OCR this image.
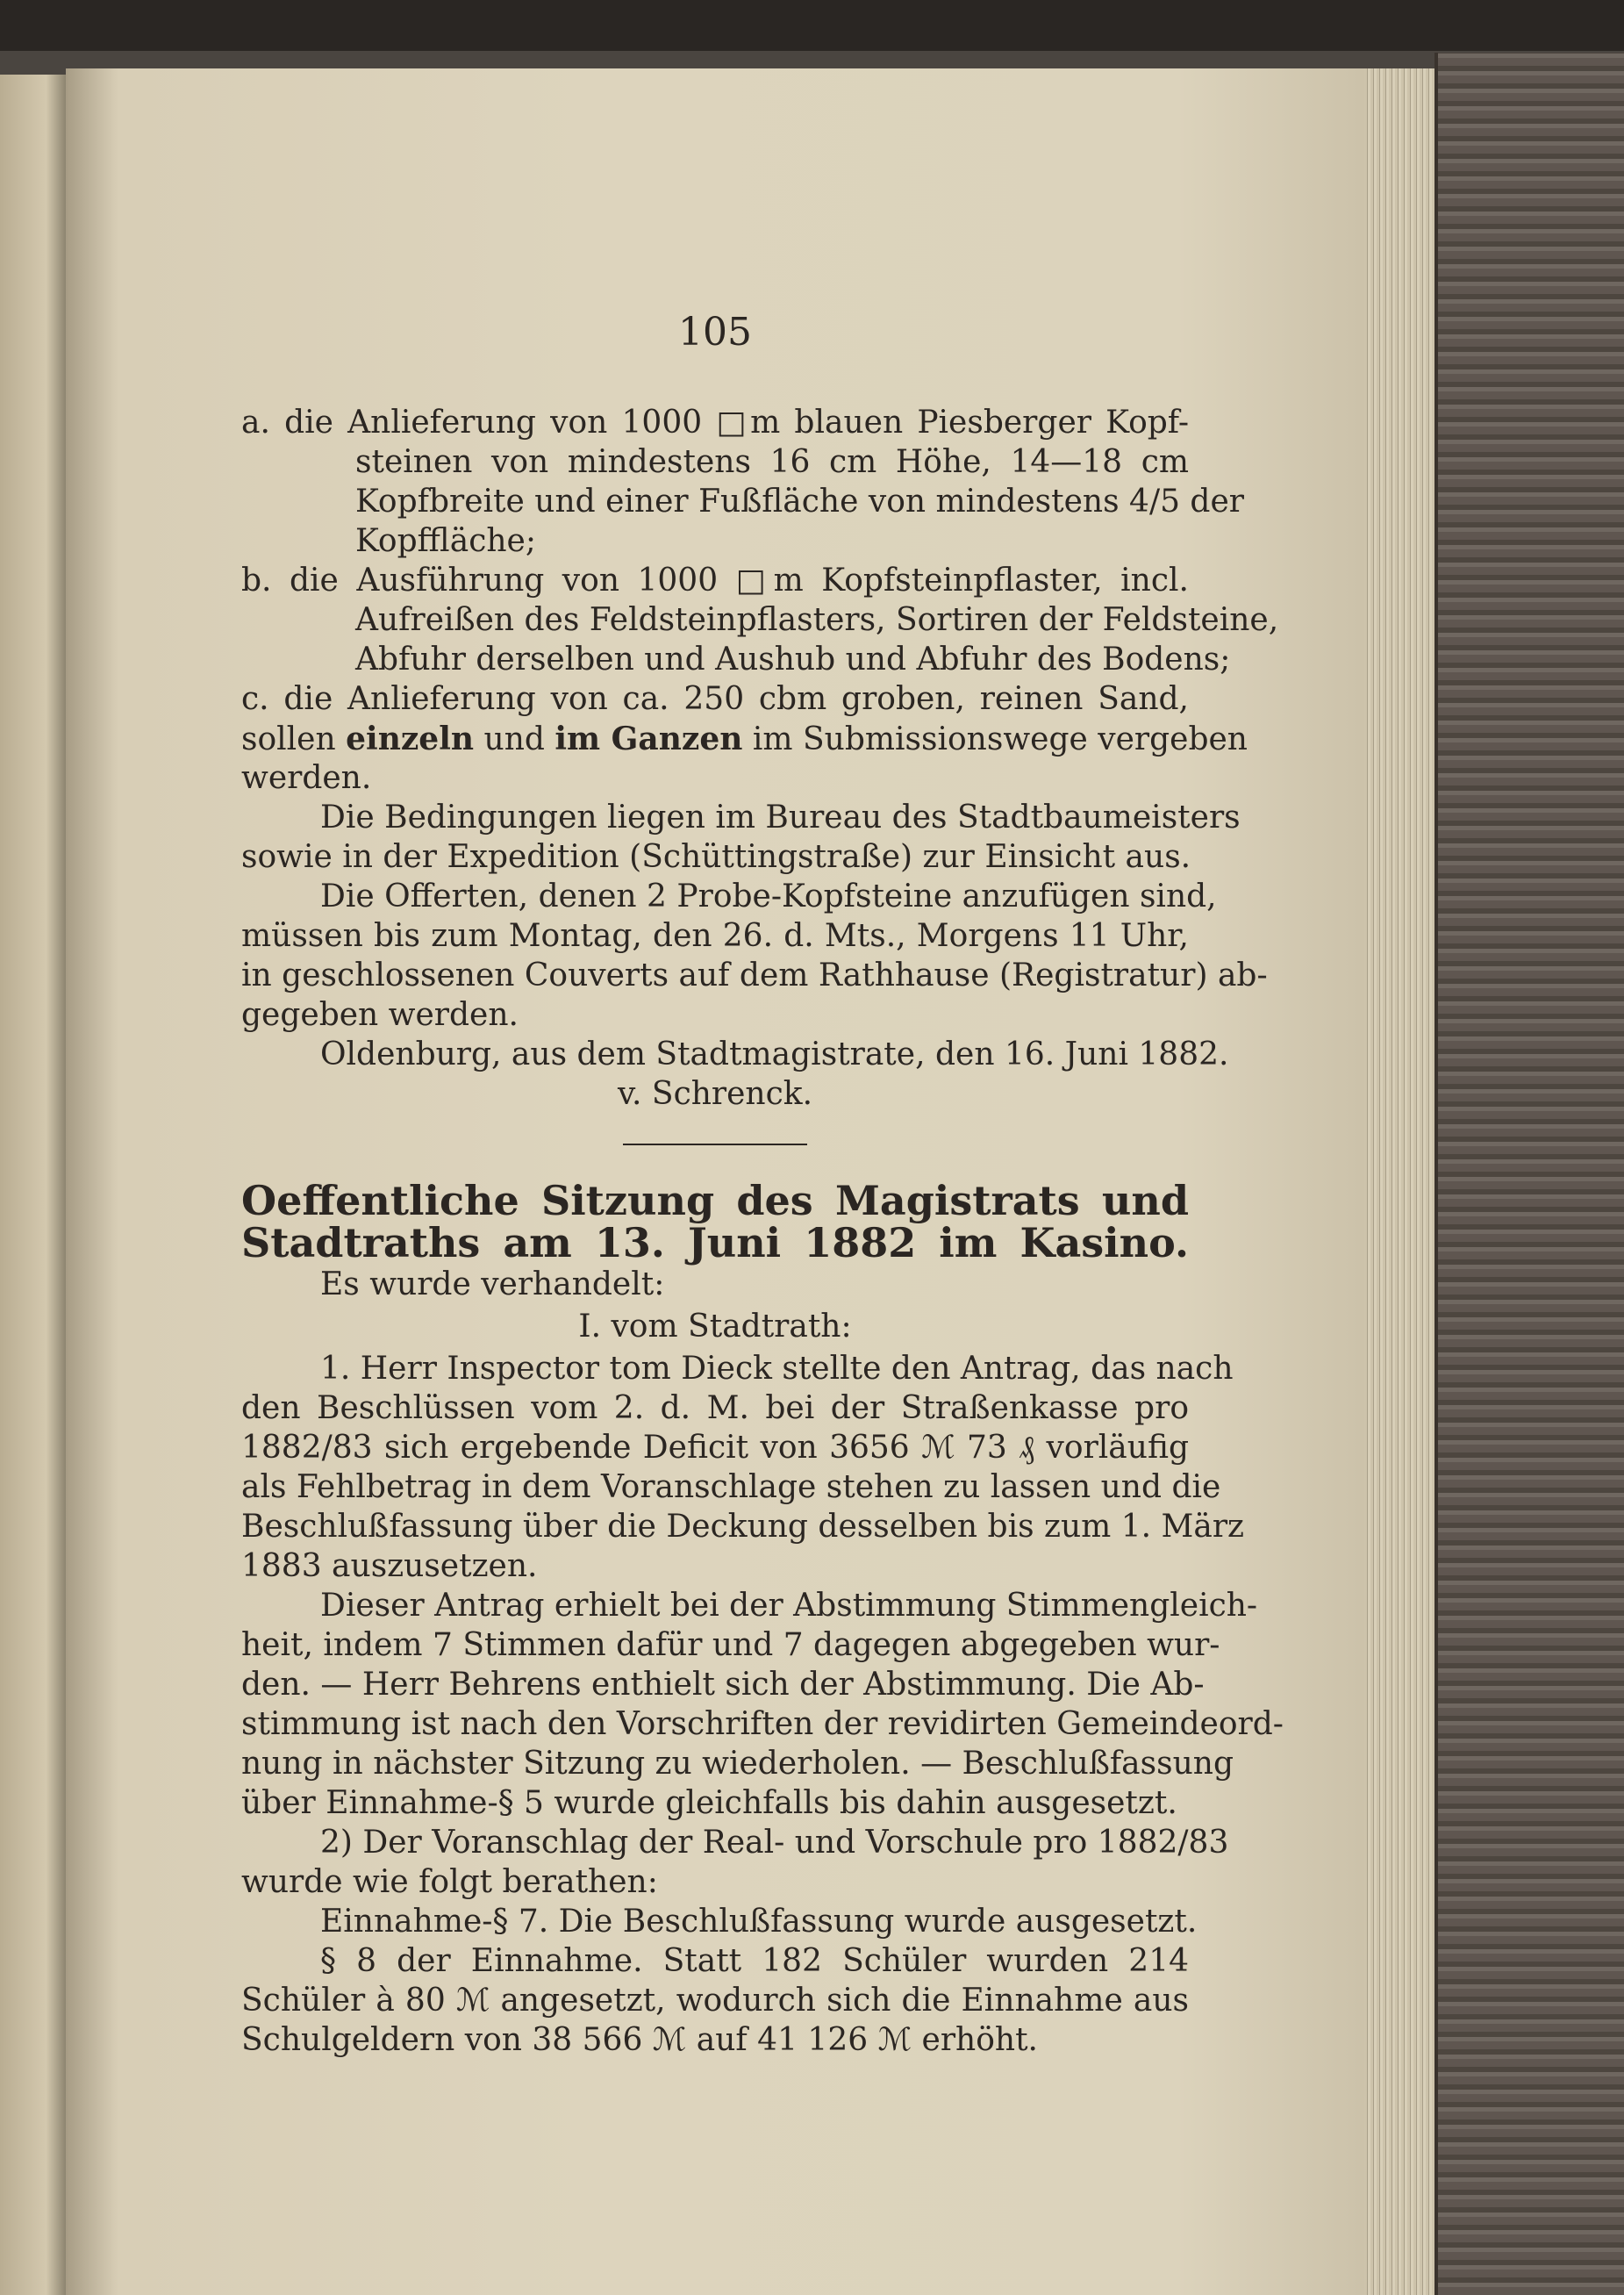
105
a. die Anlieferung von 1000 □m blauen Piesberger Kopf-
steinen von mindestens 16 cm Höhe, 14—18 cm
Kopfbreite und einer Fußfläche von mindestens 4/5 der
Kopffläche;
b. die Ausführung von 1000 □m Kopfsteinpflaster, incl.
Aufreißen des Feldsteinpflasters, Sortiren der Feldsteine,
Abfuhr derselben und Aushub und Abfuhr des Bodens;
c. die Anlieferung von ca. 250 cbm groben, reinen Sand,
sollen einzeln und im Ganzen im Submissionswege vergeben
werden.
Die Bedingungen liegen im Bureau des Stadtbaumeisters
sowie in der Expedition (Schüttingstraße) zur Einsicht aus.
Die Offerten, denen 2 Probe-Kopfsteine anzufügen sind,
müssen bis zum Montag, den 26. d. Mts., Morgens 11 Uhr,
in geschlossenen Couverts auf dem Rathhause (Registratur) ab-
gegeben werden.
Oldenburg, aus dem Stadtmagistrate, den 16. Juni 1882.
v. Schrenck.
Oeffentliche Sitzung des Magistrats und
Stadtraths am 13. Juni 1882 im Kasino.
Es wurde verhandelt:
I. vom Stadtrath:
1. Herr Inspector tom Dieck stellte den Antrag, das nach
den Beschlüssen vom 2. d. M. bei der Straßenkasse pro
1882/83 sich ergebende Deficit von 3656 ℳ 73 ₰ vorläufig
als Fehlbetrag in dem Voranschlage stehen zu lassen und die
Beschlußfassung über die Deckung desselben bis zum 1. März
1883 auszusetzen.
Dieser Antrag erhielt bei der Abstimmung Stimmengleich-
heit, indem 7 Stimmen dafür und 7 dagegen abgegeben wur-
den. — Herr Behrens enthielt sich der Abstimmung. Die Ab-
stimmung ist nach den Vorschriften der revidirten Gemeindeord-
nung in nächster Sitzung zu wiederholen. — Beschlußfassung
über Einnahme-§ 5 wurde gleichfalls bis dahin ausgesetzt.
2) Der Voranschlag der Real- und Vorschule pro 1882/83
wurde wie folgt berathen:
Einnahme-§ 7. Die Beschlußfassung wurde ausgesetzt.
§ 8 der Einnahme. Statt 182 Schüler wurden 214
Schüler à 80 ℳ angesetzt, wodurch sich die Einnahme aus
Schulgeldern von 38 566 ℳ auf 41 126 ℳ erhöht.
